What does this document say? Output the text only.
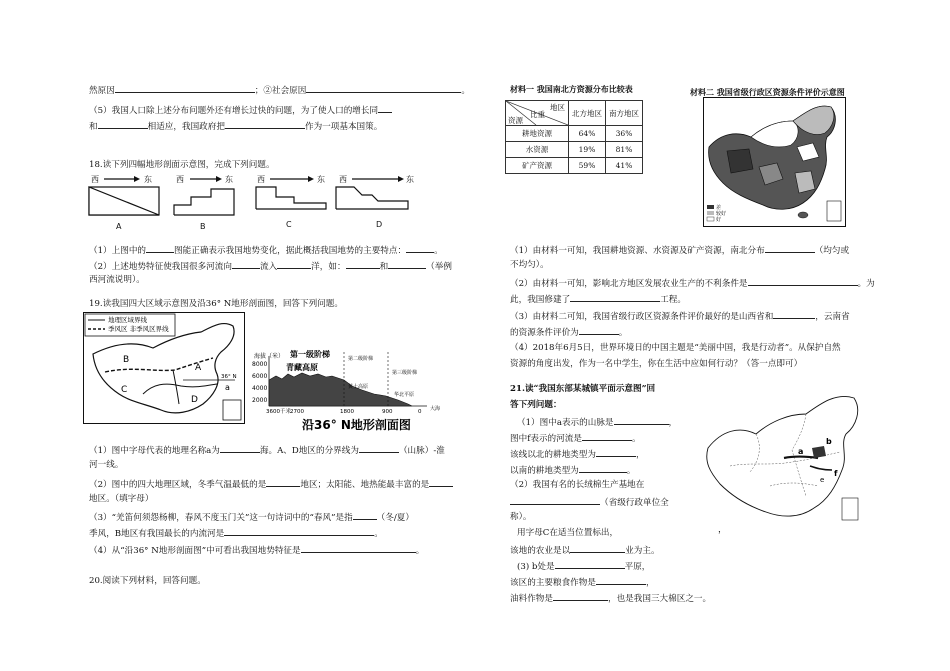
然原因	；②社会原因	。
（5）我国人口除上述分布问题外还有增长过快的问题，为了使人口的增长同
和	相适应，我国政府把	作为一项基本国策。
18.读下列四幅地形剖面示意图，完成下列问题。
西	东
A
西	东
B
西	东
C
西	东
D
（1）上图中的	图能正确表示我国地势变化，据此概括我国地势的主要特点：	。
（2）上述地势特征使我国很多河流向	流入	洋，如：	和	（举例
西河流说明）。
19.读我国四大区域示意图及沿36° N地形剖面图，回答下列问题。
地理区域界线
季风区 非季风区界线
B
C
A
D
a
36° N
海拔（米）
8000
6000
4000
2000
第一级阶梯
青藏高原
第二级阶梯
黄土高原
第三级阶梯
华北平原
大海
3600 2700	1800	900	0
千米
沿36° N地形剖面图
（1）图中字母代表的地理名称a为	海。A、D地区的分界线为	（山脉）-淮
河一线。
（2）图中的四大地理区域，冬季气温最低的是	地区；太阳能、地热能最丰富的是
地区。（填字母）
（3）“羌笛何须怨杨柳，春风不度玉门关”这一句诗词中的“春风”是指	（冬/夏）
季风，B地区有我国最长的内流河是	。
（4）从“沿36° N地形剖面图”中可看出我国地势特征是	。
20.阅读下列材料，回答问题。
材料一 我国南北方资源分布比较表	材料二 我国省级行政区资源条件评价示意图
地区
比重
资源	北方地区	南方地区
耕地资源	64%	36%
水资源	19%	81%
矿产资源	59%	41%
差
较好
好
（1）由材料一可知，我国耕地资源、水资源及矿产资源，南北分布	（均匀或
不均匀）。
（2）由材料一可知，影响北方地区发展农业生产的不利条件是	。为
此，我国修建了	工程。
（3）由材料二可知，我国省级行政区资源条件评价最好的是山西省和	，云南省
的资源条件评价为	。
（4）2018年6月5日，世界环境日的中国主题是“美丽中国，我是行动者”。从保护自然
资源的角度出发，作为一名中学生，你在生活中应如何行动？（答一点即可）
21.读“我国东部某城镇平面示意图”回
答下列问题：
（1）图中a表示的山脉是	，
图中f表示的河流是	。
该线以北的耕地类型为	，
以南的耕地类型为	。
（2）我国有名的长绒棉生产基地在
（省级行政单位全
称）。
用字母C在适当位置标出，
该地的农业是以	业为主。
(3) b处是	平原，
该区的主要粮食作物是	，
油料作物是	，也是我国三大棉区之一。
a
b
f
e
，
